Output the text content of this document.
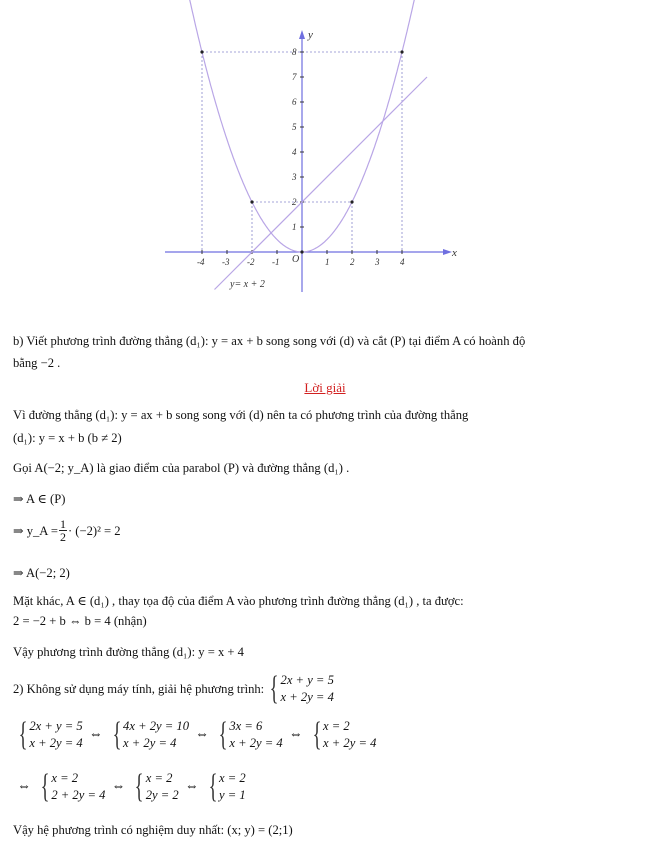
-4 -3 -2 -1	1 2 3 4
1
2
3
4
5
6
7
8
x
y
O
y= x + 2
b) Viết phương trình đường thẳng (d₁): y = ax + b song song với (d) và cắt (P) tại điểm A có hoành độ
bằng −2 .
Lời giải
Vì đường thẳng (d₁): y = ax + b song song với (d) nên ta có phương trình của đường thẳng
(d₁): y = x + b (b ≠ 2)
Gọi A(−2; y_A) là giao điểm của parabol (P) và đường thẳng (d₁) .
⇒ A ∈ (P)
⇒ y_A = $\frac{1}{2} \cdot (-2)^2 = 2$
⇒ A(−2; 2)
Mặt khác, A ∈ (d₁) , thay tọa độ của điểm A vào phương trình đường thẳng (d₁) , ta được:
2 = −2 + b ⇔ b = 4 (nhận)
Vậy phương trình đường thẳng (d₁): y = x + 4
2) Không sử dụng máy tính, giải hệ phương trình: { 2x + y = 5
x + 2y = 4
{ 2x + y = 5
x + 2y = 4
⇔ { 4x + 2y = 10
x + 2y = 4
⇔ { 3x = 6
x + 2y = 4
⇔ { x = 2
x + 2y = 4
⇔ { x = 2
2 + 2y = 4
⇔ { x = 2
2y = 2
⇔ { x = 2
y = 1
Vậy hệ phương trình có nghiệm duy nhất: (x; y) = (2;1)
